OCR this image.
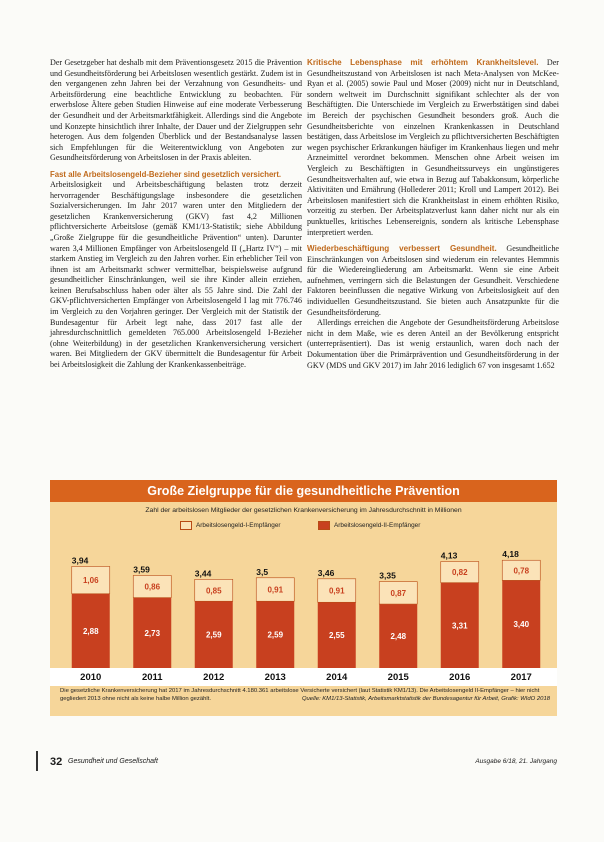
Der Gesetzgeber hat deshalb mit dem Präventionsgesetz 2015 die Prävention und Gesundheitsförderung bei Arbeitslosen wesentlich gestärkt. Zudem ist in den vergangenen zehn Jahren bei der Verzahnung von Gesundheits- und Arbeitsförderung eine beachtliche Entwicklung zu beobachten. Für erwerbslose Ältere geben Studien Hinweise auf eine moderate Verbesserung der Gesundheit und der Arbeitsmarktfähigkeit. Allerdings sind die Angebote und Konzepte hinsichtlich ihrer Inhalte, der Dauer und der Zielgruppen sehr heterogen. Aus dem folgenden Überblick und der Bestandsanalyse lassen sich Empfehlungen für die Weiterentwicklung von Angeboten zur Gesundheitsförderung von Arbeitslosen in der Praxis ableiten.

Fast alle Arbeitslosengeld-Bezieher sind gesetzlich versichert.

Arbeitslosigkeit und Arbeitsbeschäftigung belasten trotz derzeit hervorragender Beschäftigungslage insbesondere die gesetzlichen Sozialversicherungen. Im Jahr 2017 waren unter den Mitgliedern der gesetzlichen Krankenversicherung (GKV) fast 4,2 Millionen pflichtversicherte Arbeitslose (gemäß KM1/13-Statistik; siehe Abbildung „Große Zielgruppe für die gesundheitliche Prävention“ unten). Darunter waren 3,4 Millionen Empfänger von Arbeitslosengeld II („Hartz IV“) – mit starkem Anstieg im Vergleich zu den Jahren vorher. Ein erheblicher Teil von ihnen ist am Arbeitsmarkt schwer vermittelbar, beispielsweise aufgrund gesundheitlicher Einschränkungen, weil sie ihre Kinder allein erziehen, keinen Berufsabschluss haben oder älter als 55 Jahre sind. Die Zahl der GKV-pflichtversicherten Empfänger von Arbeitslosengeld I lag mit 776.746 im Vergleich zu den Vorjahren geringer. Der Vergleich mit der Statistik der Bundesagentur für Arbeit legt nahe, dass 2017 fast alle der jahresdurchschnittlich gemeldeten 765.000 Arbeitslosengeld I-Bezieher (ohne Weiterbildung) in der gesetzlichen Krankenversicherung versichert waren. Bei Mitgliedern der GKV übermittelt die Bundesagentur für Arbeit bei Arbeitslosigkeit die Zahlung der Krankenkassenbeiträge.

Kritische Lebensphase mit erhöhtem Krankheitslevel. Der Gesundheitszustand von Arbeitslosen ist nach Meta-Analysen von McKee-Ryan et al. (2005) sowie Paul und Moser (2009) nicht nur in Deutschland, sondern weltweit im Durchschnitt signifikant schlechter als der von Beschäftigten. Die Unterschiede im Vergleich zu Erwerbstätigen sind dabei im Bereich der psychischen Gesundheit besonders groß. Auch die Gesundheitsberichte von einzelnen Krankenkassen in Deutschland bestätigen, dass Arbeitslose im Vergleich zu pflichtversicherten Beschäftigten wegen psychischer Erkrankungen häufiger im Krankenhaus liegen und mehr Arzneimittel verordnet bekommen. Menschen ohne Arbeit weisen im Vergleich zu Beschäftigten in Gesundheitssurveys ein ungünstigeres Gesundheitsverhalten auf, wie etwa in Bezug auf Tabakkonsum, körperliche Aktivitäten und Ernährung (Hollederer 2011; Kroll und Lampert 2012). Bei Arbeitslosen manifestiert sich die Krankheitslast in einem erhöhten Risiko, vorzeitig zu sterben. Der Arbeitsplatzverlust kann daher nicht nur als ein punktuelles, kritisches Lebensereignis, sondern als kritische Lebensphase interpretiert werden.

Wiederbeschäftigung verbessert Gesundheit. Gesundheitliche Einschränkungen von Arbeitslosen sind wiederum ein relevantes Hemmnis für die Wiedereingliederung am Arbeitsmarkt. Wenn sie eine Arbeit aufnehmen, verringern sich die Belastungen der Gesundheit. Verschiedene Faktoren beeinflussen die negative Wirkung von Arbeitslosigkeit auf den individuellen Gesundheitszustand. Sie bieten auch Ansatzpunkte für die Gesundheitsförderung.

Allerdings erreichen die Angebote der Gesundheitsförderung Arbeitslose nicht in dem Maße, wie es deren Anteil an der Bevölkerung entspricht (unterrepräsentiert). Das ist wenig erstaunlich, waren doch nach der Dokumentation über die Primärprävention und Gesundheitsförderung in der GKV (MDS und GKV 2017) im Jahr 2016 lediglich 67 von insgesamt 1.652

Große Zielgruppe für die gesundheitliche Prävention
Zahl der arbeitslosen Mitglieder der gesetzlichen Krankenversicherung im Jahresdurchschnitt in Millionen
Arbeitslosengeld-I-Empfänger	Arbeitslosengeld-II-Empfänger
2,88
1,06
3,94
2010
2,73
0,86
3,59
2011
2,59
0,85
3,44
2012
2,59
0,91
3,5
2013
2,55
0,91
3,46
2014
2,48
0,87
3,35
2015
3,31
0,82
4,13
2016
3,40
0,78
4,18
2017
Die gesetzliche Krankenversicherung hat 2017 im Jahresdurchschnitt 4.180.361 arbeitslose Versicherte versichert (laut Statistik KM1/13). Die Arbeitslosengeld II-Empfänger – hier nicht gegliedert 2013 ohne nicht als keine halbe Million gezählt.	Quelle: KM1/13-Statistik, Arbeitsmarktstatistik der Bundesagentur für Arbeit, Grafik: WIdO 2018
32 Gesundheit und Gesellschaft	Ausgabe 6/18, 21. Jahrgang
